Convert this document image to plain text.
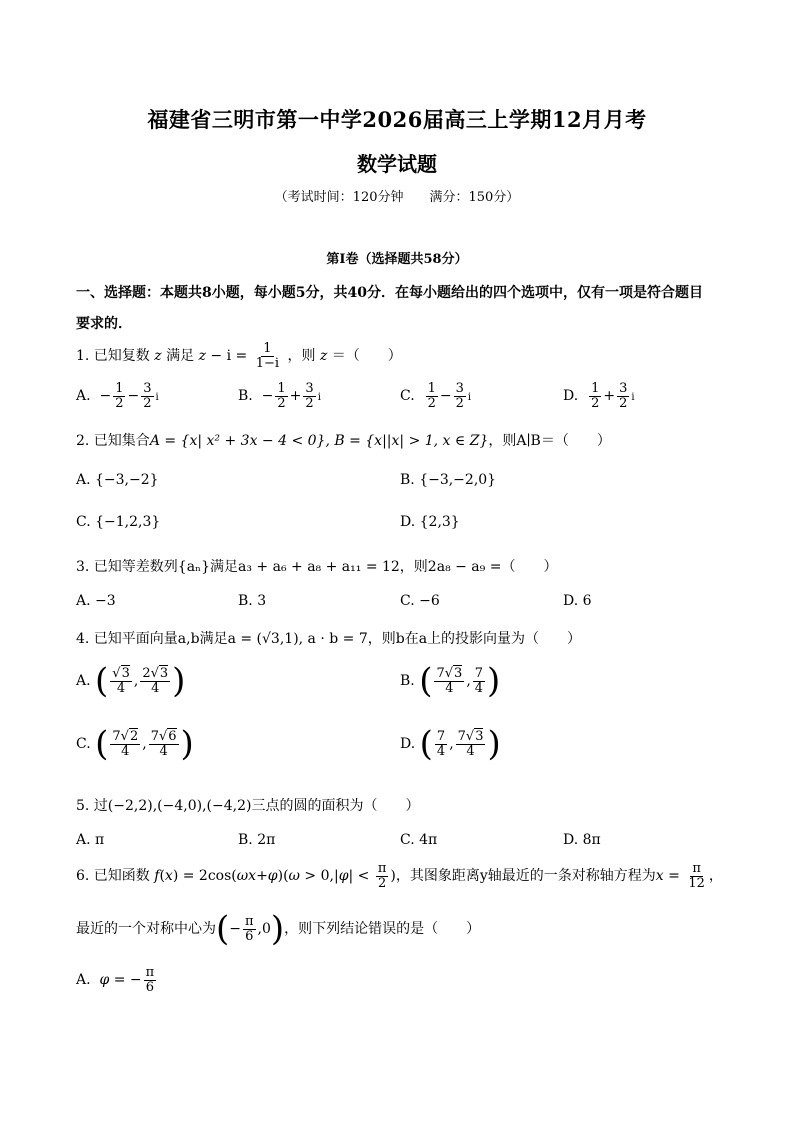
福建省三明市第一中学2026届高三上学期12月月考
数学试题
（考试时间：120分钟　　满分：150分）
第I卷（选择题共58分）
一、选择题：本题共8小题，每小题5分，共40分．在每小题给出的四个选项中，仅有一项是符合题目
要求的．
1. 已知复数 z 满足 $z - i = \frac{1}{1-i}$ ，则 z ＝（　　）
A.  − $\frac{1}{2} - \frac{3}{2}$ i	B.  − $\frac{1}{2} + \frac{3}{2}$ i	C. $\frac{1}{2} - \frac{3}{2}$ i	D. $\frac{1}{2} + \frac{3}{2}$ i
2. 已知集合A = {x| x² + 3x − 4 < 0}, B = {x||x| > 1, x ∈ Z}，则A∣B＝（　　）
A. {−3,−2}	B. {−3,−2,0}
C. {−1,2,3}	D. {2,3}
3. 已知等差数列{aₙ}满足a₃ + a₆ + a₈ + a₁₁ = 12，则2a₈ − a₉ =（　　）
A. −3	B. 3	C. −6	D. 6
4. 已知平面向量a,b满足a = (√3,1), a · b = 7，则b在a上的投影向量为（　　）
A. ( $\frac{√3}{4}$ , $\frac{2√3}{4}$ )	B. ( $\frac{7√3}{4}$ , $\frac{7}{4}$ )
C. ( $\frac{7√2}{4}$ , $\frac{7√6}{4}$ )	D. ( $\frac{7}{4}$ , $\frac{7√3}{4}$ )
5. 过(−2,2),(−4,0),(−4,2)三点的圆的面积为（　　）
A. π	B. 2π	C. 4π	D. 8π
6. 已知函数 $f(x) = 2\cos(\omega x+\varphi)(\omega > 0,|\varphi| < \frac{\pi}{2}$ )，其图象距离y轴最近的一条对称轴方程为$x = \frac{\pi}{12}$ ，
最近的一个对称中心为(− $\frac{\pi}{6} ,0$)，则下列结论错误的是（　　）
A. φ = − $\frac{\pi}{6}$
